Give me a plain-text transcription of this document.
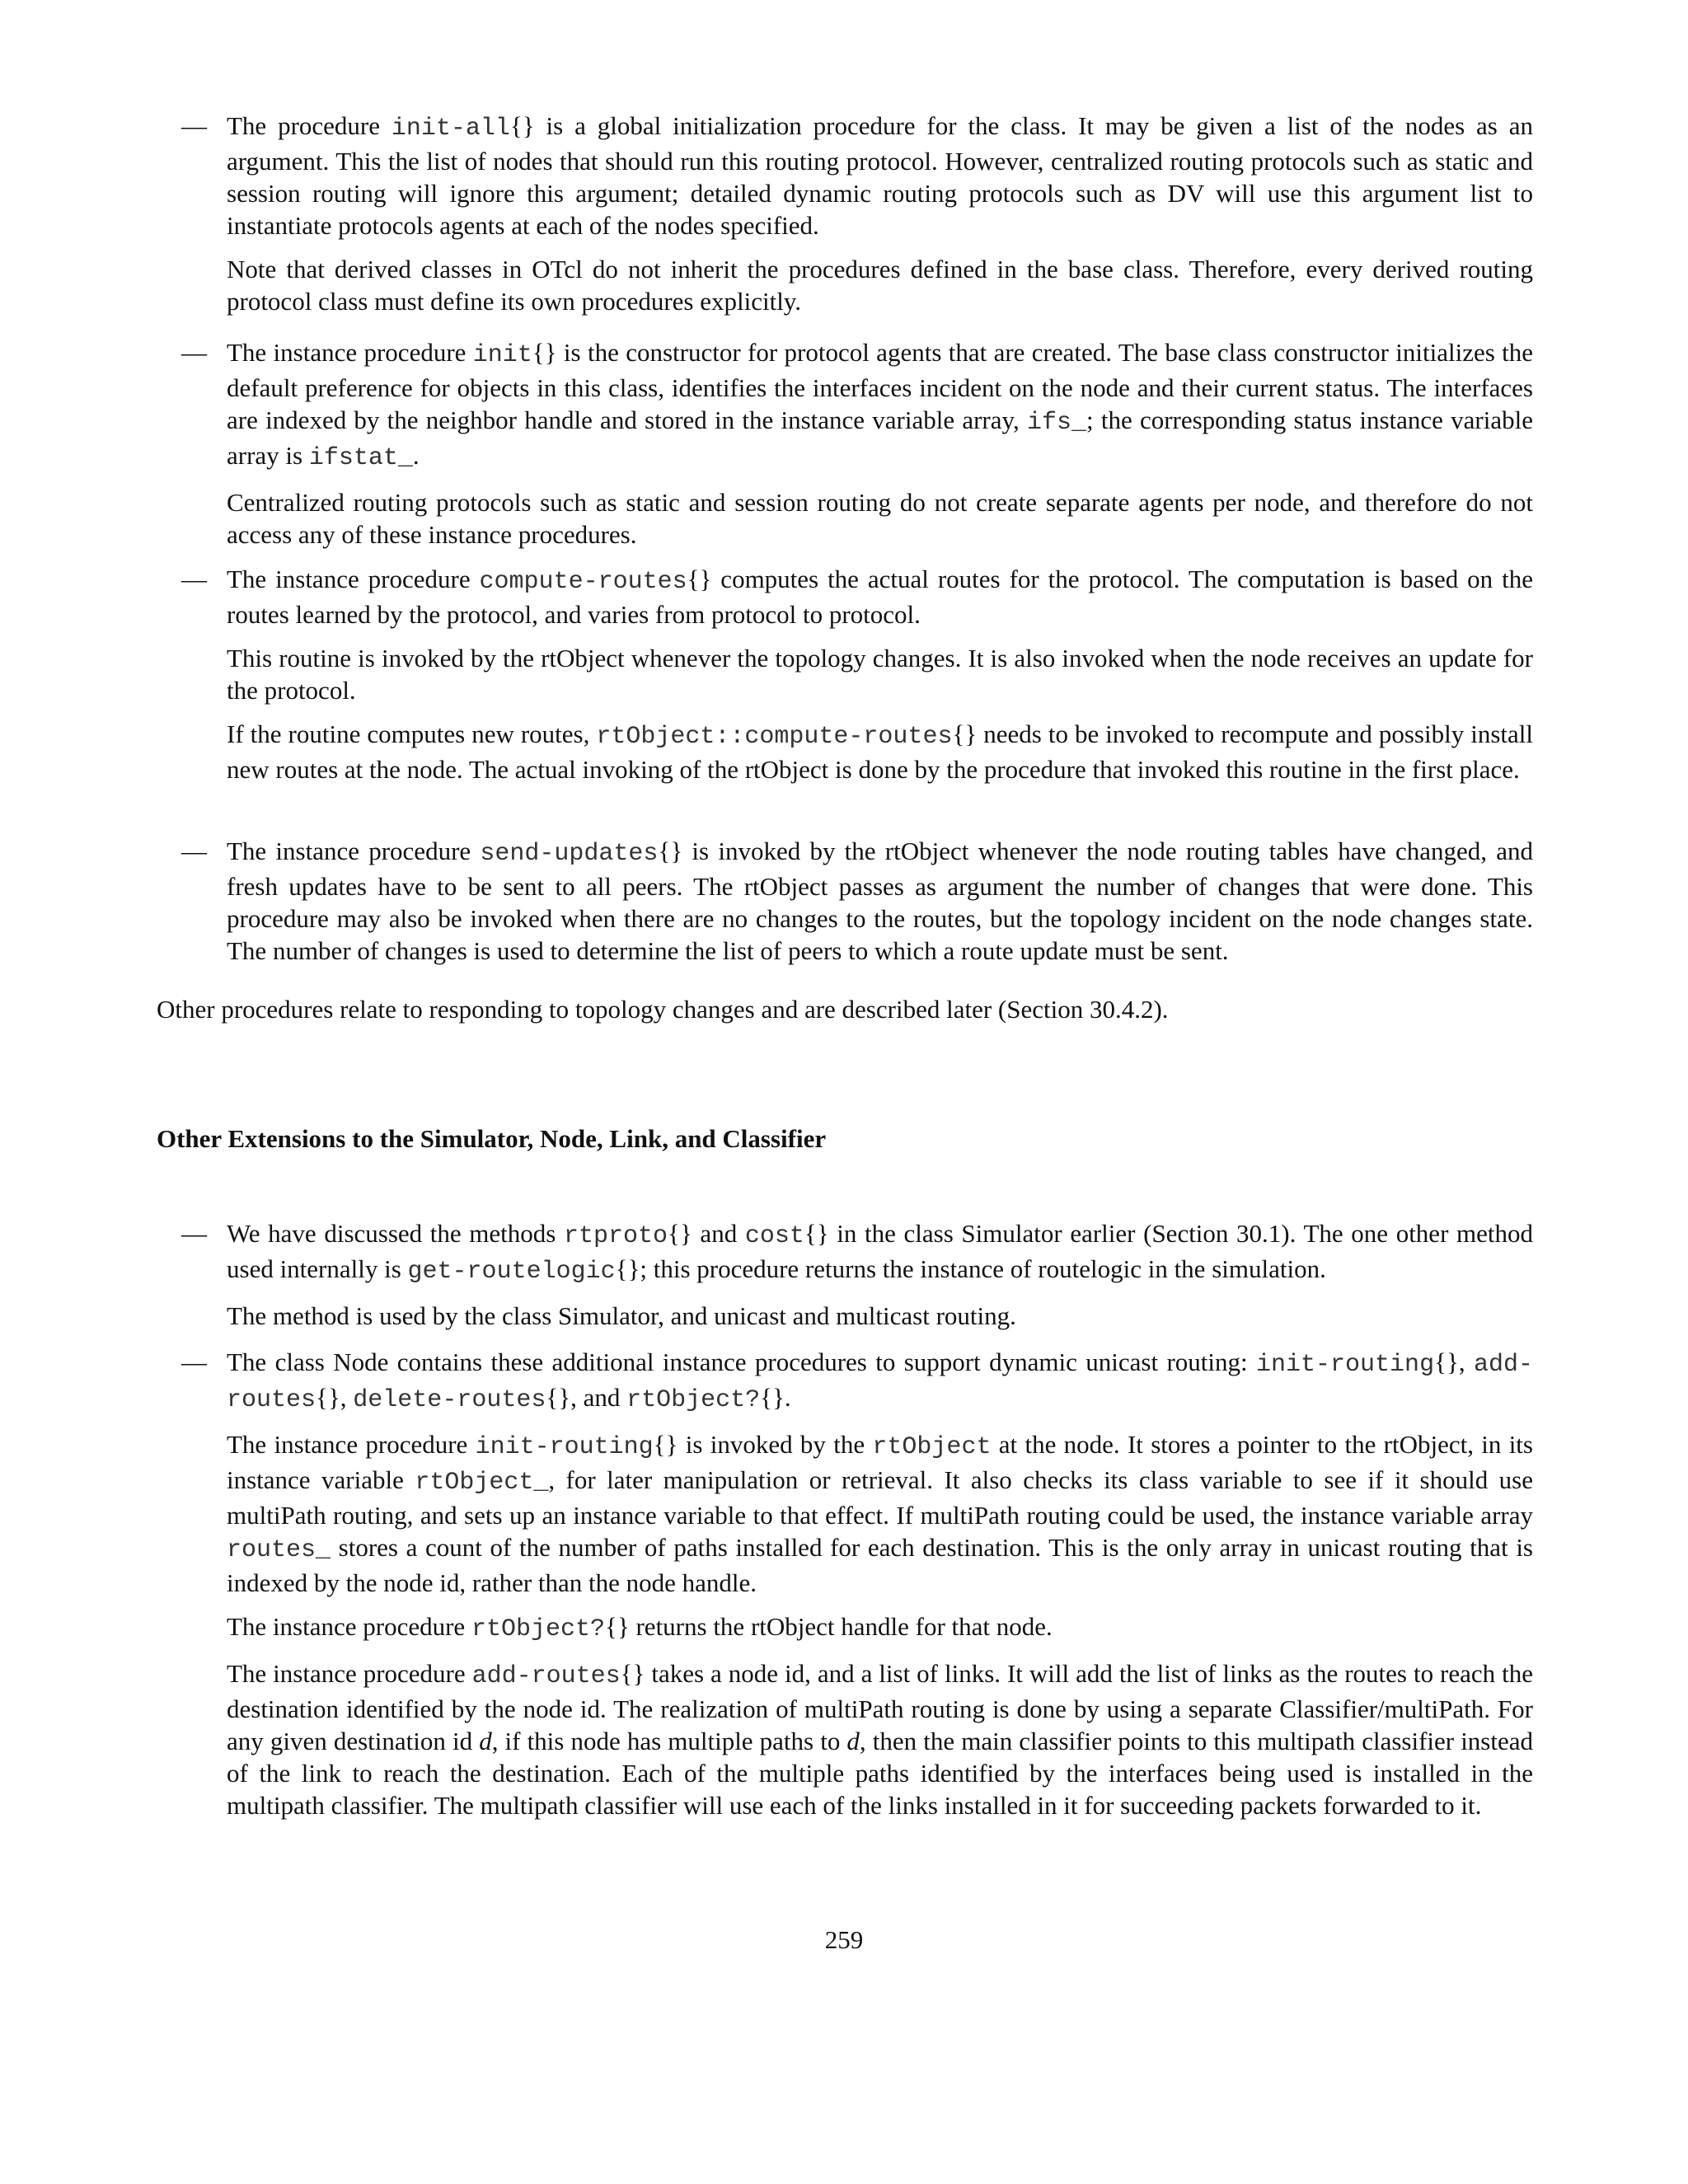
— The procedure init-all{} is a global initialization procedure for the class. It may be given a list of the nodes as an argument. This the list of nodes that should run this routing protocol. However, centralized routing protocols such as static and session routing will ignore this argument; detailed dynamic routing protocols such as DV will use this argument list to instantiate protocols agents at each of the nodes specified.

Note that derived classes in OTcl do not inherit the procedures defined in the base class. Therefore, every derived routing protocol class must define its own procedures explicitly.

— The instance procedure init{} is the constructor for protocol agents that are created. The base class constructor initializes the default preference for objects in this class, identifies the interfaces incident on the node and their current status. The interfaces are indexed by the neighbor handle and stored in the instance variable array, ifs_; the corresponding status instance variable array is ifstat_.

Centralized routing protocols such as static and session routing do not create separate agents per node, and therefore do not access any of these instance procedures.

— The instance procedure compute-routes{} computes the actual routes for the protocol. The computation is based on the routes learned by the protocol, and varies from protocol to protocol.

This routine is invoked by the rtObject whenever the topology changes. It is also invoked when the node receives an update for the protocol.

If the routine computes new routes, rtObject::compute-routes{} needs to be invoked to recompute and possibly install new routes at the node. The actual invoking of the rtObject is done by the procedure that invoked this routine in the first place.

— The instance procedure send-updates{} is invoked by the rtObject whenever the node routing tables have changed, and fresh updates have to be sent to all peers. The rtObject passes as argument the number of changes that were done. This procedure may also be invoked when there are no changes to the routes, but the topology incident on the node changes state. The number of changes is used to determine the list of peers to which a route update must be sent.

Other procedures relate to responding to topology changes and are described later (Section 30.4.2).

Other Extensions to the Simulator, Node, Link, and Classifier
— We have discussed the methods rtproto{} and cost{} in the class Simulator earlier (Section 30.1). The one other method used internally is get-routelogic{}; this procedure returns the instance of routelogic in the simulation.

The method is used by the class Simulator, and unicast and multicast routing.

— The class Node contains these additional instance procedures to support dynamic unicast routing: init-routing{}, add-routes{}, delete-routes{}, and rtObject?{}.

The instance procedure init-routing{} is invoked by the rtObject at the node. It stores a pointer to the rtObject, in its instance variable rtObject_, for later manipulation or retrieval. It also checks its class variable to see if it should use multiPath routing, and sets up an instance variable to that effect. If multiPath routing could be used, the instance variable array routes_ stores a count of the number of paths installed for each destination. This is the only array in unicast routing that is indexed by the node id, rather than the node handle.

The instance procedure rtObject?{} returns the rtObject handle for that node.

The instance procedure add-routes{} takes a node id, and a list of links. It will add the list of links as the routes to reach the destination identified by the node id. The realization of multiPath routing is done by using a separate Classifier/multiPath. For any given destination id d, if this node has multiple paths to d, then the main classifier points to this multipath classifier instead of the link to reach the destination. Each of the multiple paths identified by the interfaces being used is installed in the multipath classifier. The multipath classifier will use each of the links installed in it for succeeding packets forwarded to it.

259
